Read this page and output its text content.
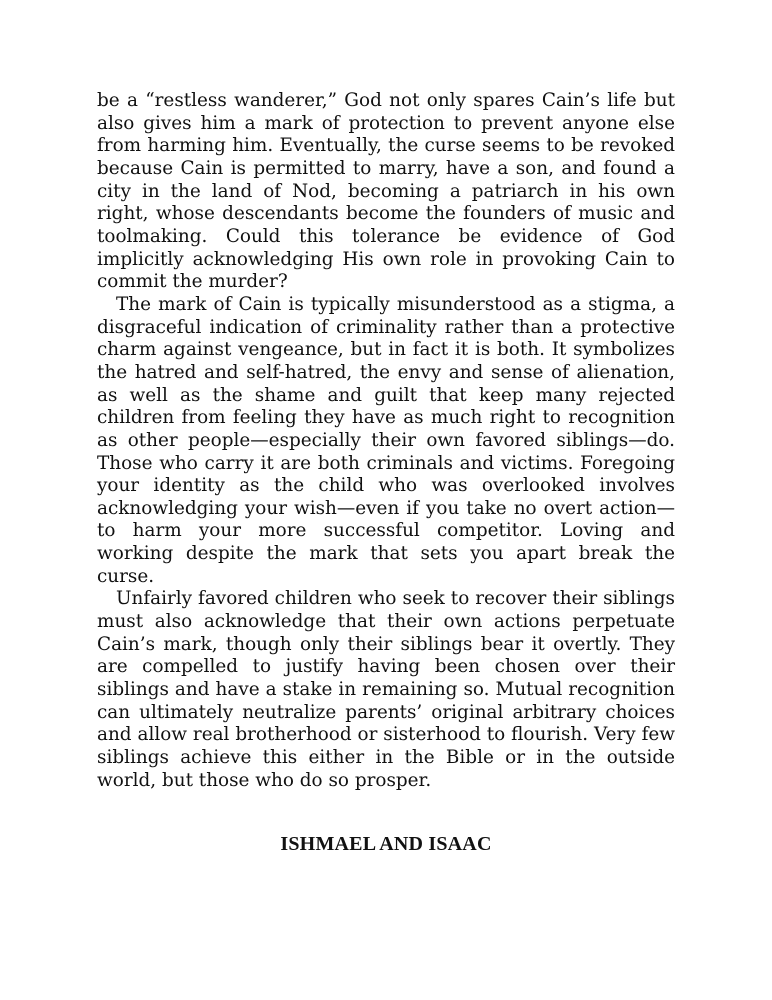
be a “restless wanderer,” God not only spares Cain’s life but also gives him a mark of protection to prevent anyone else from harming him. Eventually, the curse seems to be revoked because Cain is permitted to marry, have a son, and found a city in the land of Nod, becoming a patriarch in his own right, whose descendants become the founders of music and toolmaking. Could this tolerance be evidence of God implicitly acknowledging His own role in provoking Cain to commit the murder?

The mark of Cain is typically misunderstood as a stigma, a disgraceful indication of criminality rather than a protective charm against vengeance, but in fact it is both. It symbolizes the hatred and self-hatred, the envy and sense of alienation, as well as the shame and guilt that keep many rejected children from feeling they have as much right to recognition as other people—especially their own favored siblings—do. Those who carry it are both criminals and victims. Foregoing your identity as the child who was overlooked involves acknowledging your wish—even if you take no overt action—to harm your more successful competitor. Loving and working despite the mark that sets you apart break the curse.

Unfairly favored children who seek to recover their siblings must also acknowledge that their own actions perpetuate Cain’s mark, though only their siblings bear it overtly. They are compelled to justify having been chosen over their siblings and have a stake in remaining so. Mutual recognition can ultimately neutralize parents’ original arbitrary choices and allow real brotherhood or sisterhood to flourish. Very few siblings achieve this either in the Bible or in the outside world, but those who do so prosper.

ISHMAEL AND ISAAC
